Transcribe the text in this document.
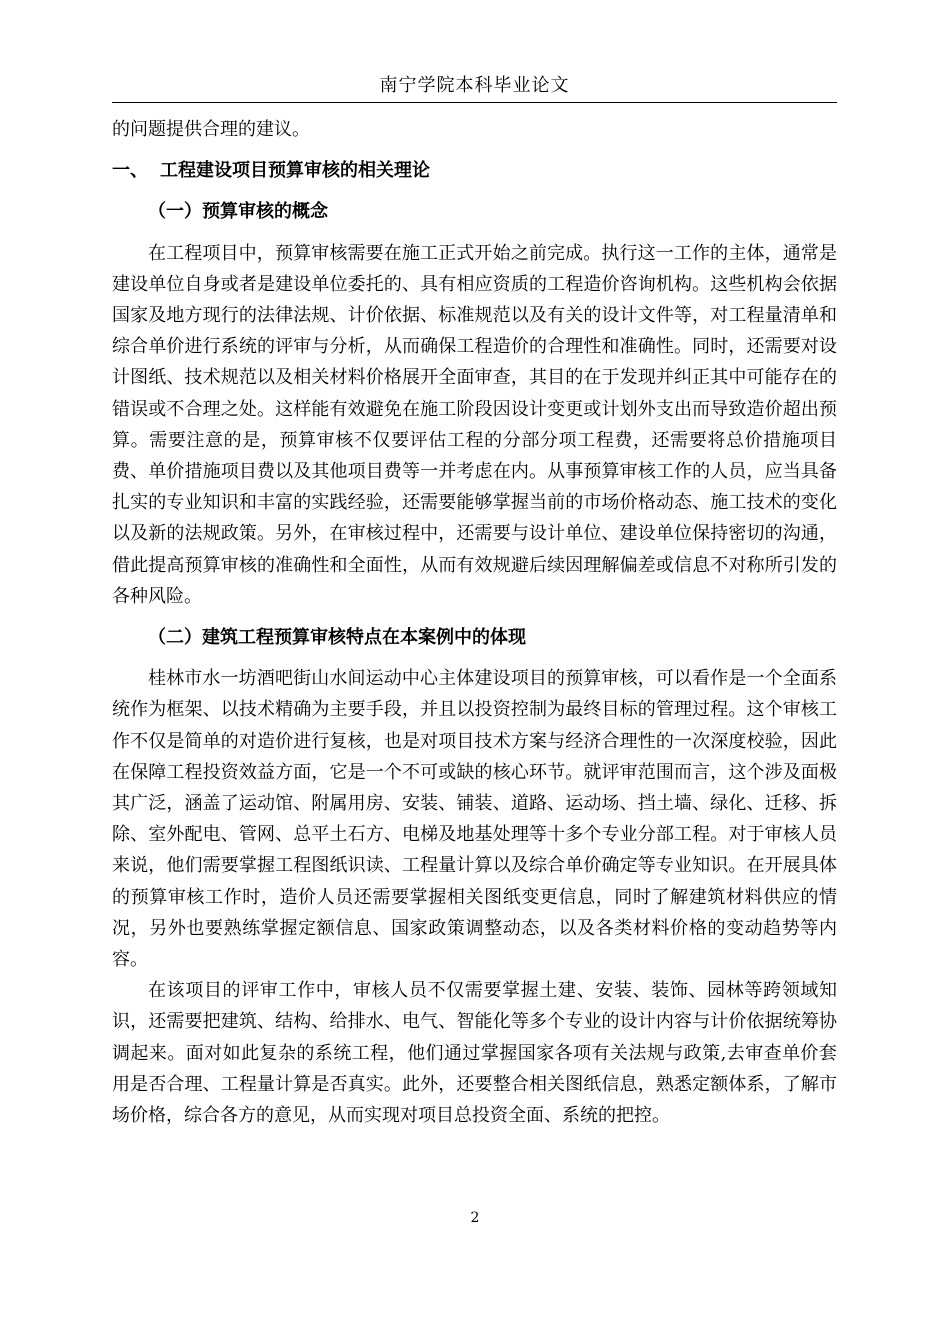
南宁学院本科毕业论文

的问题提供合理的建议。

一、 工程建设项目预算审核的相关理论
（一）预算审核的概念

在工程项目中，预算审核需要在施工正式开始之前完成。执行这一工作的主体，通常是建设单位自身或者是建设单位委托的、具有相应资质的工程造价咨询机构。这些机构会依据国家及地方现行的法律法规、计价依据、标准规范以及有关的设计文件等，对工程量清单和综合单价进行系统的评审与分析，从而确保工程造价的合理性和准确性。同时，还需要对设计图纸、技术规范以及相关材料价格展开全面审查，其目的在于发现并纠正其中可能存在的错误或不合理之处。这样能有效避免在施工阶段因设计变更或计划外支出而导致造价超出预算。需要注意的是，预算审核不仅要评估工程的分部分项工程费，还需要将总价措施项目费、单价措施项目费以及其他项目费等一并考虑在内。从事预算审核工作的人员，应当具备扎实的专业知识和丰富的实践经验，还需要能够掌握当前的市场价格动态、施工技术的变化以及新的法规政策。另外，在审核过程中，还需要与设计单位、建设单位保持密切的沟通，借此提高预算审核的准确性和全面性，从而有效规避后续因理解偏差或信息不对称所引发的各种风险。

（二）建筑工程预算审核特点在本案例中的体现

桂林市水一坊酒吧街山水间运动中心主体建设项目的预算审核，可以看作是一个全面系统作为框架、以技术精确为主要手段，并且以投资控制为最终目标的管理过程。这个审核工作不仅是简单的对造价进行复核，也是对项目技术方案与经济合理性的一次深度校验，因此在保障工程投资效益方面，它是一个不可或缺的核心环节。就评审范围而言，这个涉及面极其广泛，涵盖了运动馆、附属用房、安装、铺装、道路、运动场、挡土墙、绿化、迁移、拆除、室外配电、管网、总平土石方、电梯及地基处理等十多个专业分部工程。对于审核人员来说，他们需要掌握工程图纸识读、工程量计算以及综合单价确定等专业知识。在开展具体的预算审核工作时，造价人员还需要掌握相关图纸变更信息，同时了解建筑材料供应的情况，另外也要熟练掌握定额信息、国家政策调整动态，以及各类材料价格的变动趋势等内容。

在该项目的评审工作中，审核人员不仅需要掌握土建、安装、装饰、园林等跨领域知识，还需要把建筑、结构、给排水、电气、智能化等多个专业的设计内容与计价依据统筹协调起来。面对如此复杂的系统工程，他们通过掌握国家各项有关法规与政策,去审查单价套用是否合理、工程量计算是否真实。此外，还要整合相关图纸信息，熟悉定额体系，了解市场价格，综合各方的意见，从而实现对项目总投资全面、系统的把控。

2
